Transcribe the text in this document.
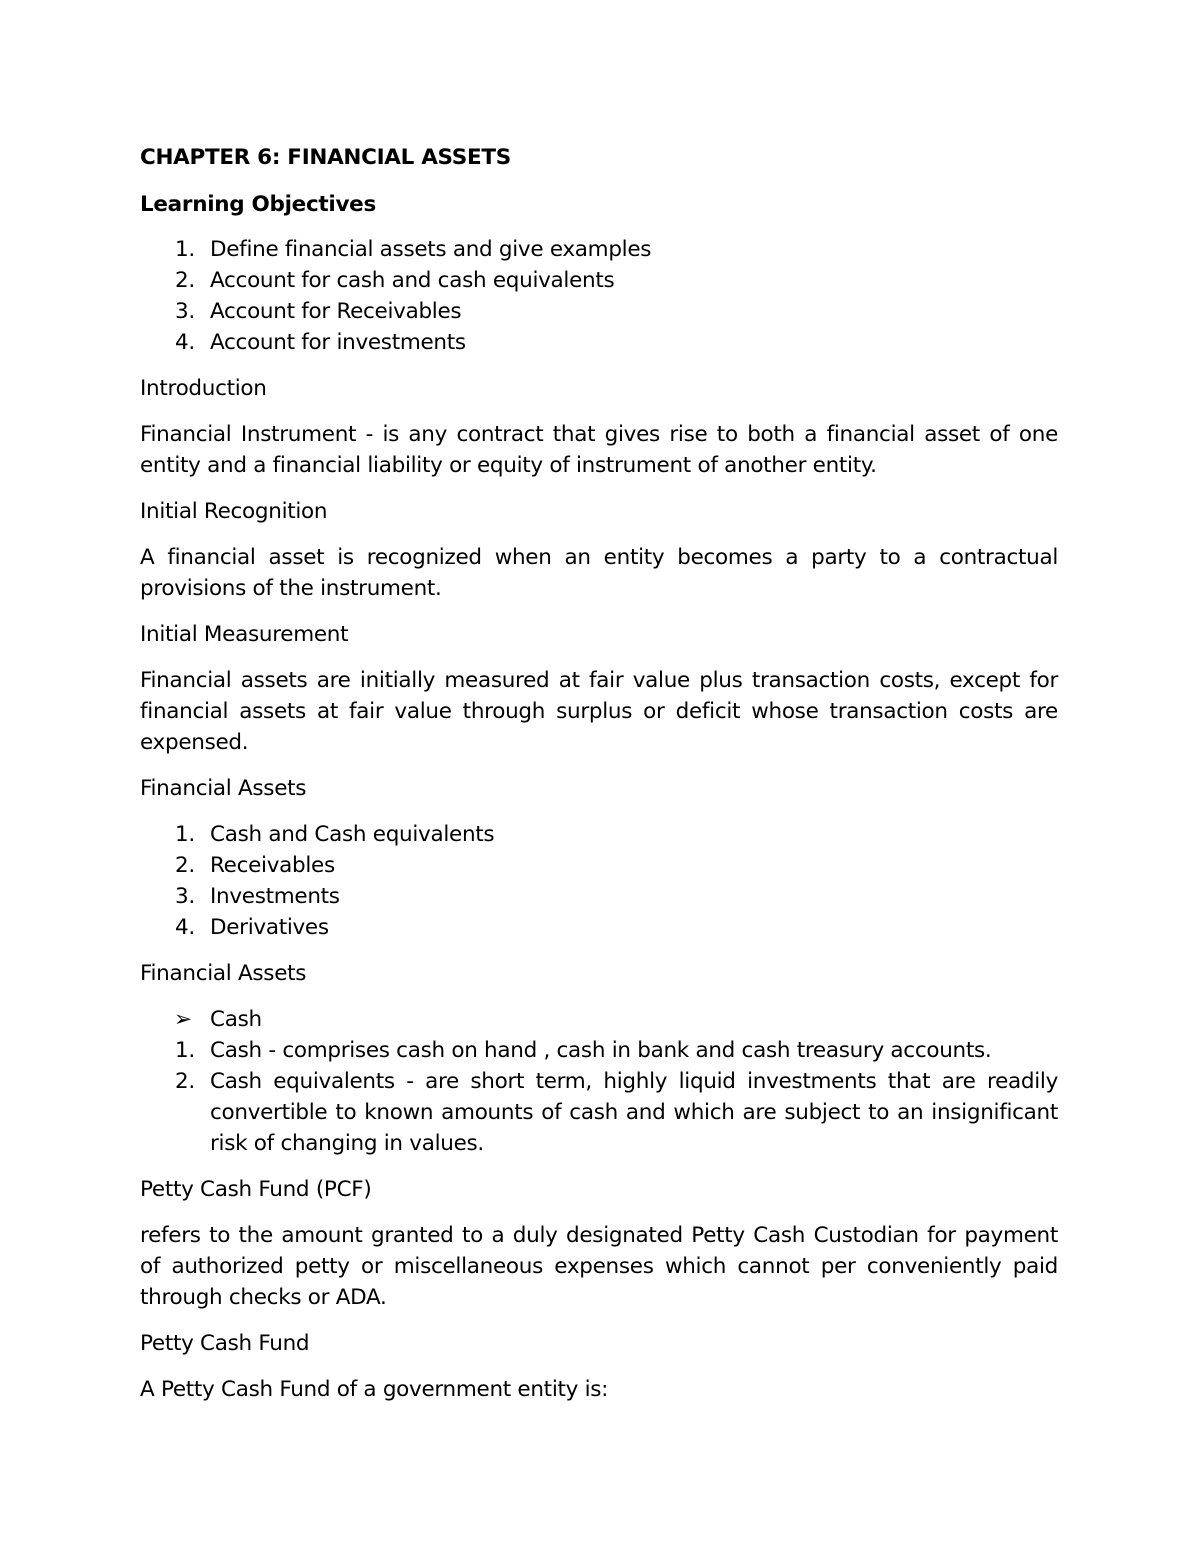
CHAPTER 6: FINANCIAL ASSETS

Learning Objectives

1. Define financial assets and give examples
2. Account for cash and cash equivalents
3. Account for Receivables
4. Account for investments

Introduction

Financial Instrument - is any contract that gives rise to both a financial asset of one entity and a financial liability or equity of instrument of another entity.

Initial Recognition

A financial asset is recognized when an entity becomes a party to a contractual provisions of the instrument.

Initial Measurement

Financial assets are initially measured at fair value plus transaction costs, except for financial assets at fair value through surplus or deficit whose transaction costs are expensed.

Financial Assets

1. Cash and Cash equivalents
2. Receivables
3. Investments
4. Derivatives

Financial Assets

➢ Cash
1. Cash - comprises cash on hand , cash in bank and cash treasury accounts.
2. Cash equivalents - are short term, highly liquid investments that are readily convertible to known amounts of cash and which are subject to an insignificant risk of changing in values.

Petty Cash Fund (PCF)

refers to the amount granted to a duly designated Petty Cash Custodian for payment of authorized petty or miscellaneous expenses which cannot per conveniently paid through checks or ADA.

Petty Cash Fund

A Petty Cash Fund of a government entity is:
